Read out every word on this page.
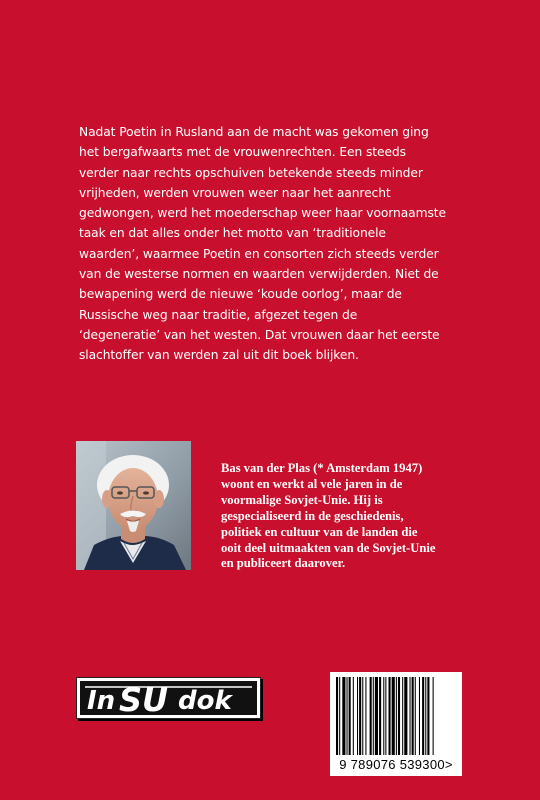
Nadat Poetin in Rusland aan de macht was gekomen ging

het bergafwaarts met de vrouwenrechten. Een steeds

verder naar rechts opschuiven betekende steeds minder

vrijheden, werden vrouwen weer naar het aanrecht

gedwongen, werd het moederschap weer haar voornaamste

taak en dat alles onder het motto van ‘traditionele

waarden’, waarmee Poetin en consorten zich steeds verder

van de westerse normen en waarden verwijderden. Niet de

bewapening werd de nieuwe ‘koude oorlog’, maar de

Russische weg naar traditie, afgezet tegen de

‘degeneratie’ van het westen. Dat vrouwen daar het eerste

slachtoffer van werden zal uit dit boek blijken.

Bas van der Plas (* Amsterdam 1947)

woont en werkt al vele jaren in de

voormalige Sovjet-Unie. Hij is

gespecialiseerd in de geschiedenis,

politiek en cultuur van de landen die

ooit deel uitmaakten van de Sovjet-Unie

en publiceert daarover.

In SU dok
9 789076 539300>
